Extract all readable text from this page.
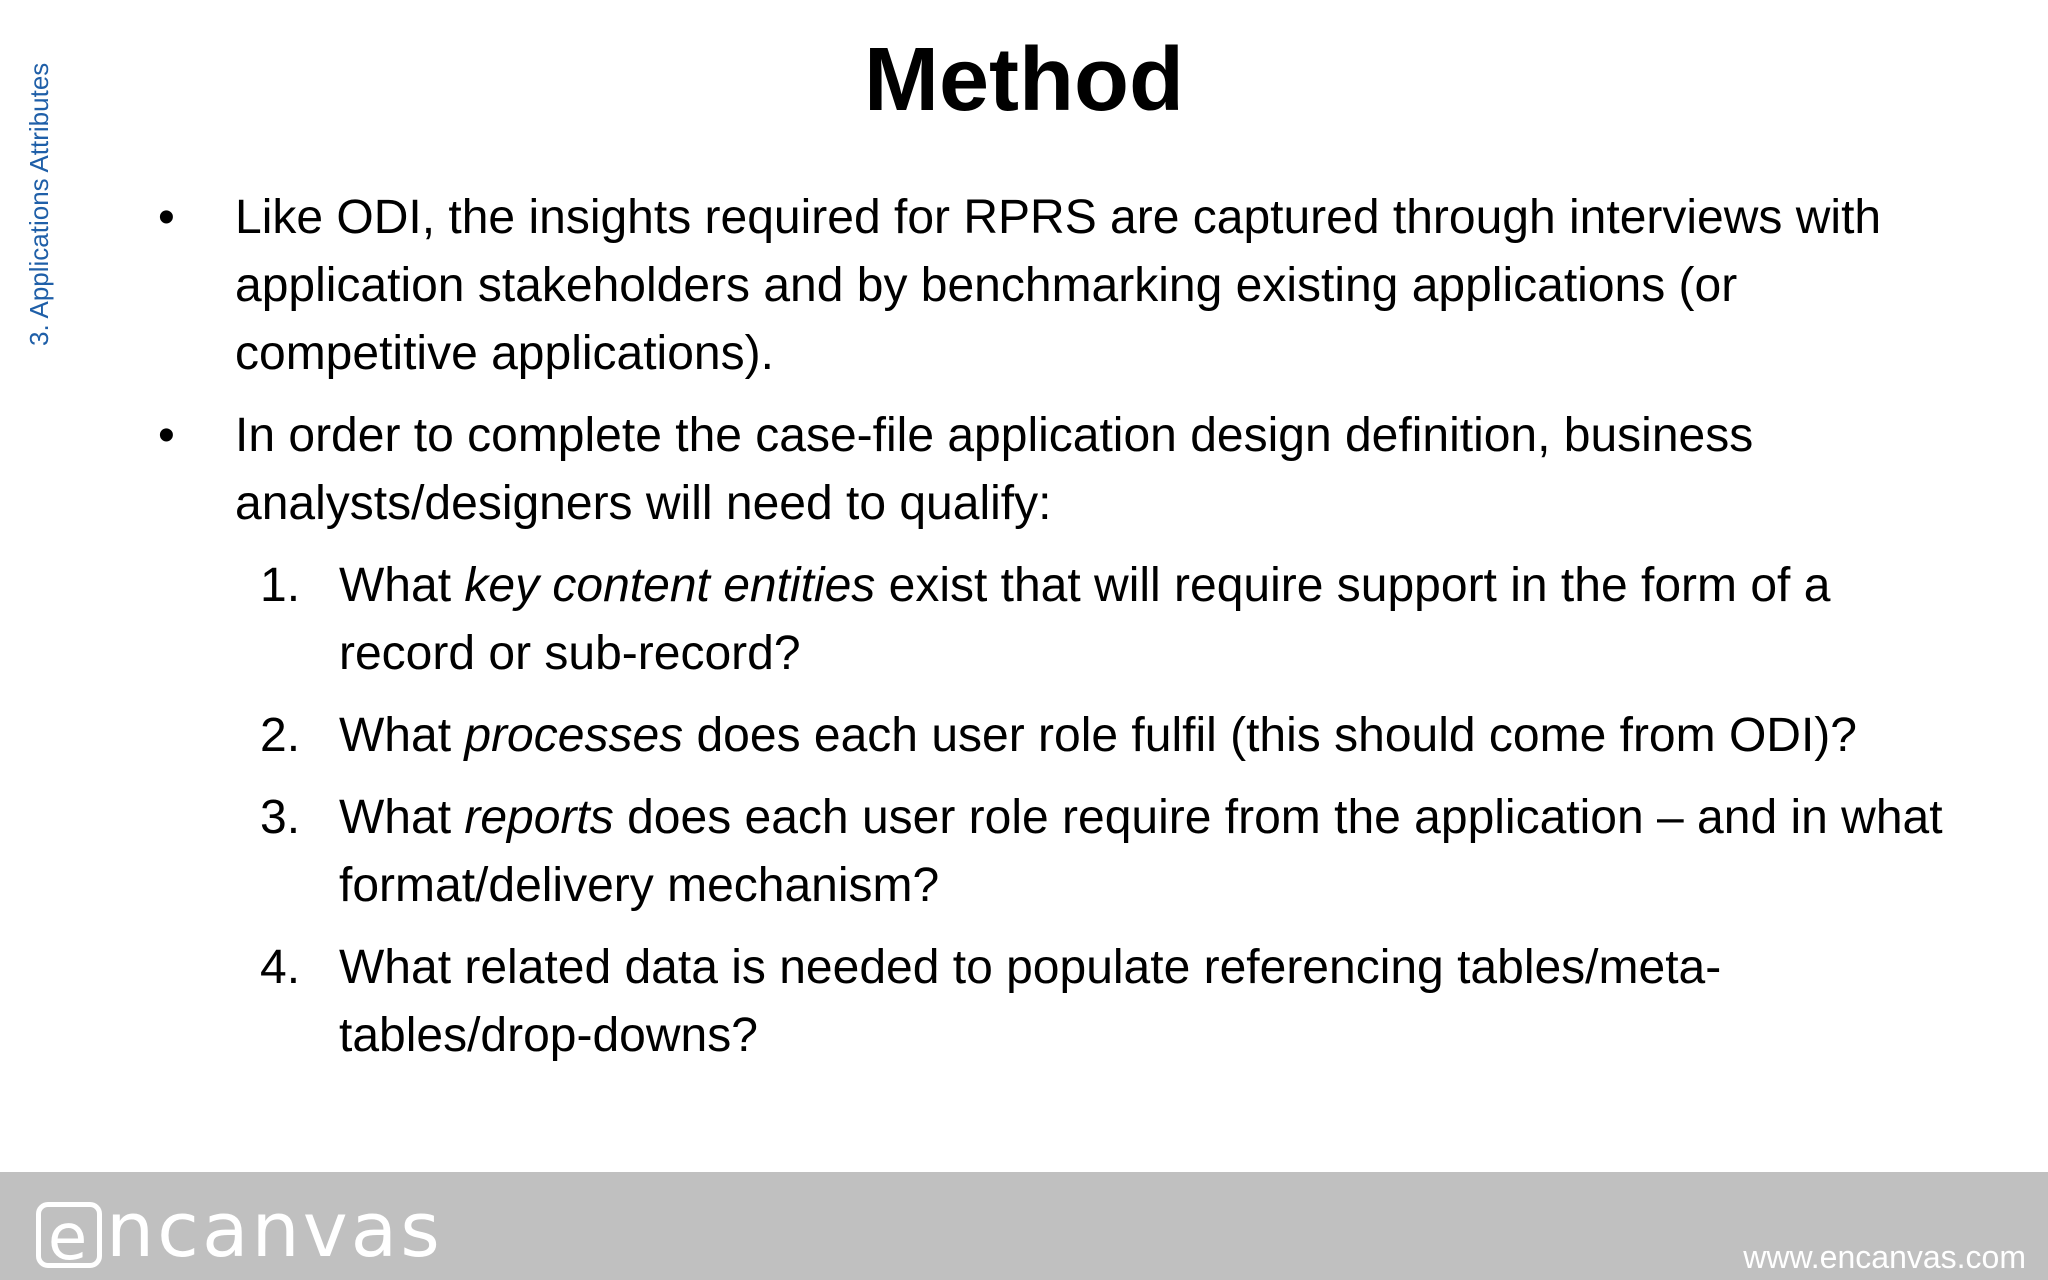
3. Applications Attributes	Method
• Like ODI, the insights required for RPRS are captured through interviews with application stakeholders and by benchmarking existing applications (or competitive applications).
• In order to complete the case-file application design definition, business analysts/designers will need to qualify:
1. What key content entities exist that will require support in the form of a record or sub-record?
2. What processes does each user role fulfil (this should come from ODI)?
3. What reports does each user role require from the application – and in what format/delivery mechanism?
4. What related data is needed to populate referencing tables/meta-tables/drop-downs?
e ncanvas	www.encanvas.com
